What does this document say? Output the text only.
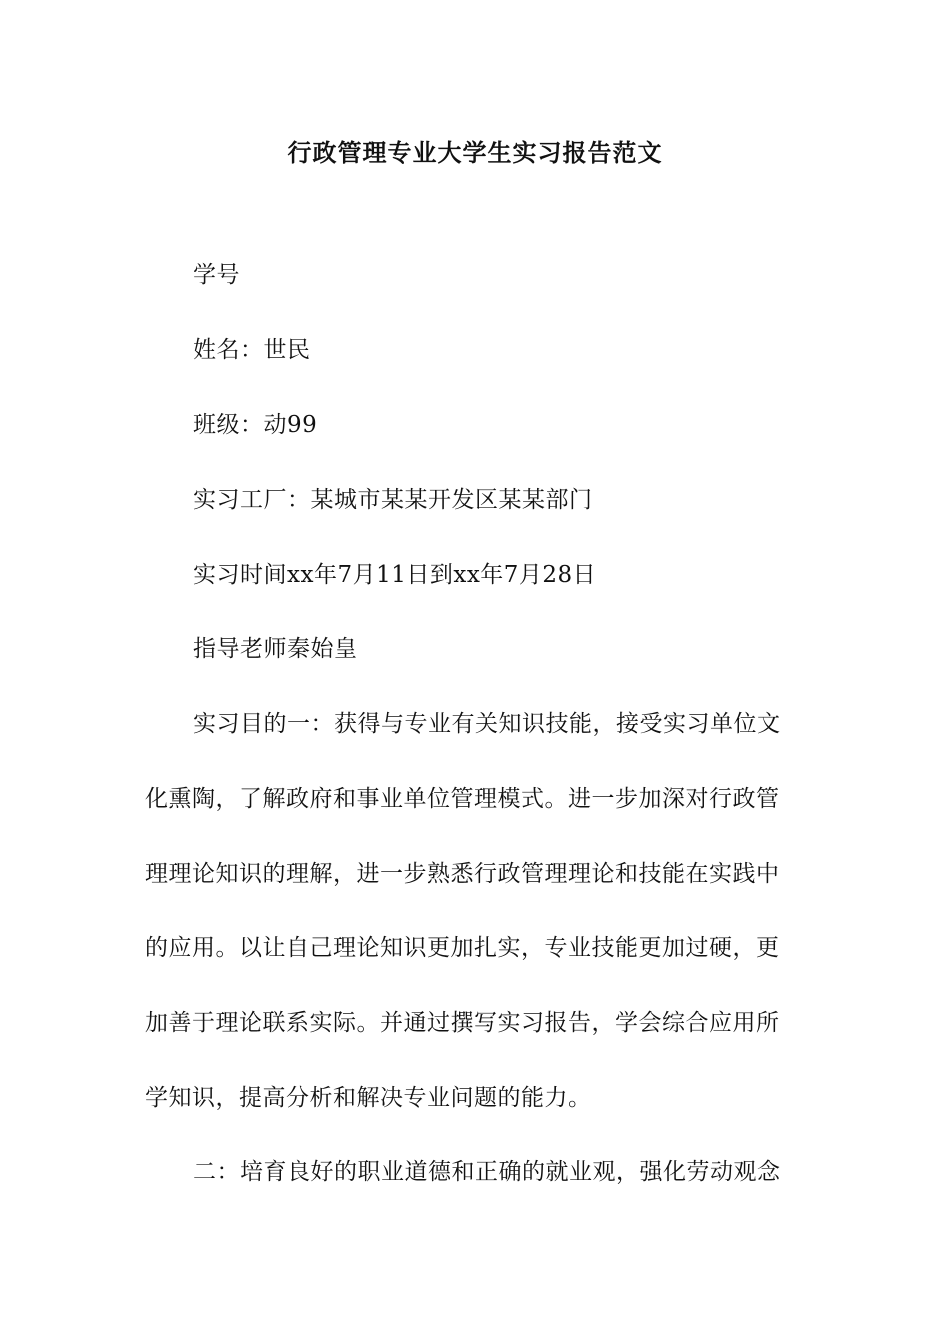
行政管理专业大学生实习报告范文
学号
姓名：世民
班级：动99
实习工厂：某城市某某开发区某某部门
实习时间xx年7月11日到xx年7月28日
指导老师秦始皇
实习目的一：获得与专业有关知识技能，接受实习单位文
化熏陶，了解政府和事业单位管理模式。进一步加深对行政管
理理论知识的理解，进一步熟悉行政管理理论和技能在实践中
的应用。以让自己理论知识更加扎实，专业技能更加过硬，更
加善于理论联系实际。并通过撰写实习报告，学会综合应用所
学知识，提高分析和解决专业问题的能力。
二：培育良好的职业道德和正确的就业观，强化劳动观念
